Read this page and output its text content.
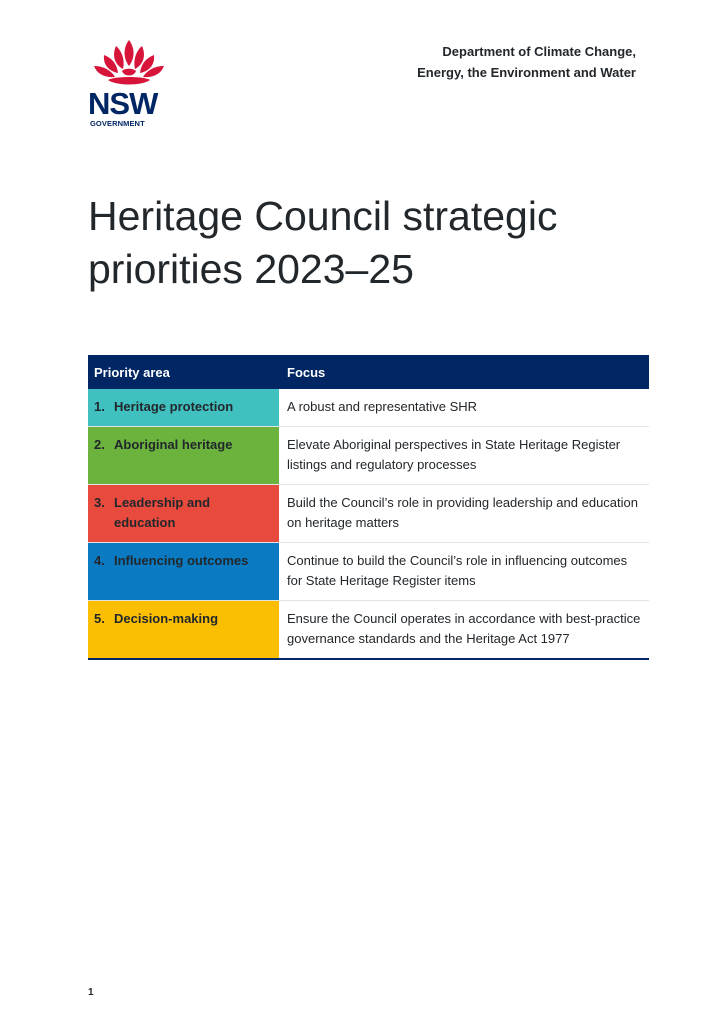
NSW
GOVERNMENT
Department of Climate Change,
Energy, the Environment and Water
Heritage Council strategic
priorities 2023–25
Priority area	Focus

1. Heritage protection	A robust and representative SHR

2. Aboriginal heritage	Elevate Aboriginal perspectives in State Heritage Register listings and regulatory processes

3. Leadership and education	Build the Council’s role in providing leadership and education on heritage matters

4. Influencing outcomes	Continue to build the Council’s role in influencing outcomes for State Heritage Register items

5. Decision-making	Ensure the Council operates in accordance with best-practice governance standards and the Heritage Act 1977
1
